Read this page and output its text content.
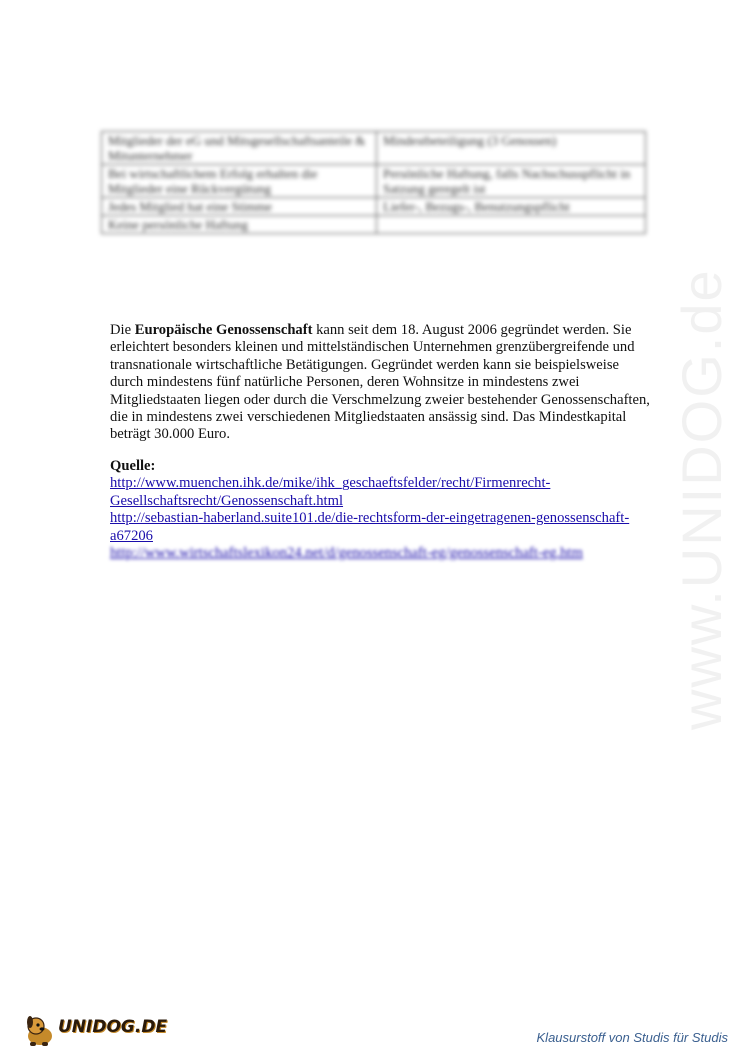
Mitglieder der eG und Mitsgesellschaftsanteile & Mitunternehmer	Mindestbeteiligung (3 Genossen)
Bei wirtschaftlichem Erfolg erhalten die Mitglieder eine Rückvergütung	Persönliche Haftung, falls Nachschusspflicht in Satzung geregelt ist
Jedes Mitglied hat eine Stimme	Liefer-, Bezugs-, Benutzungspflicht
Keine persönliche Haftung	

Die Europäische Genossenschaft kann seit dem 18. August 2006 gegründet werden. Sie erleichtert besonders kleinen und mittelständischen Unternehmen grenzübergreifende und transnationale wirtschaftliche Betätigungen. Gegründet werden kann sie beispielsweise durch mindestens fünf natürliche Personen, deren Wohnsitze in mindestens zwei Mitgliedstaaten liegen oder durch die Verschmelzung zweier bestehender Genossenschaften, die in mindestens zwei verschiedenen Mitgliedstaaten ansässig sind. Das Mindestkapital beträgt 30.000 Euro.

Quelle:
http://www.muenchen.ihk.de/mike/ihk_geschaeftsfelder/recht/Firmenrecht-Gesellschaftsrecht/Genossenschaft.html
http://sebastian-haberland.suite101.de/die-rechtsform-der-eingetragenen-genossenschaft-a67206
http://www.wirtschaftslexikon24.net/d/genossenschaft-eg/genossenschaft-eg.htm	www.UNIDOG.de
UNIDOG.DE
Klausurstoff von Studis für Studis
